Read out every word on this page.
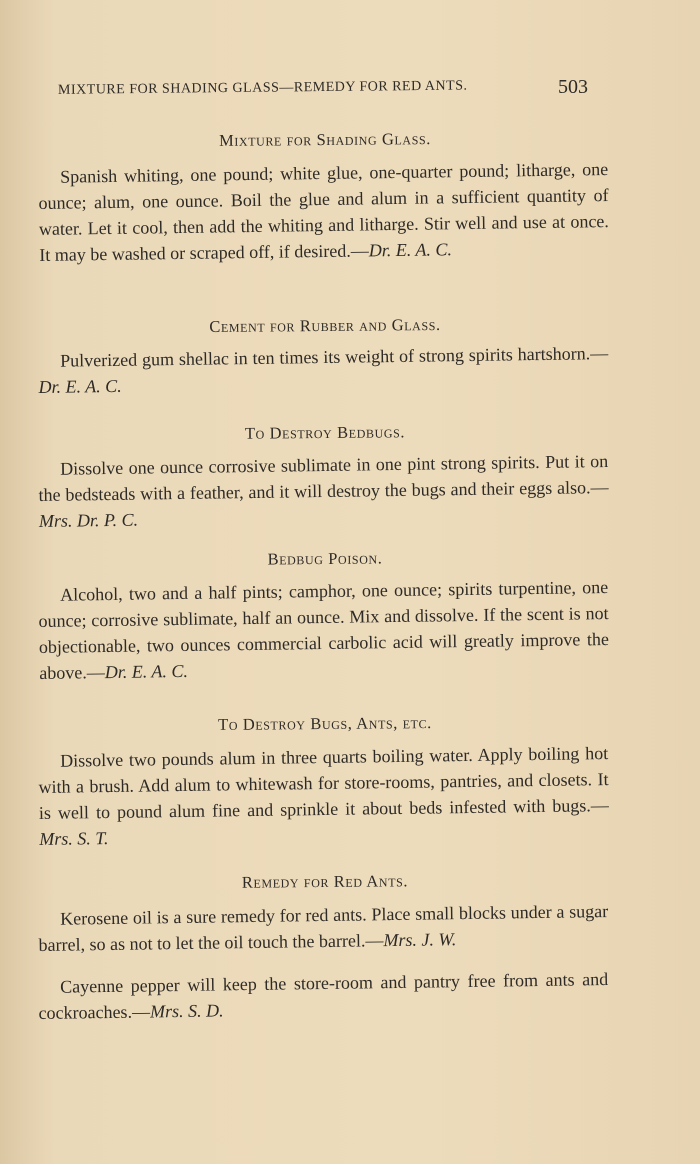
MIXTURE FOR SHADING GLASS—REMEDY FOR RED ANTS.	503
Mixture for Shading Glass.
Spanish whiting, one pound; white glue, one-quarter pound; litharge, one ounce; alum, one ounce. Boil the glue and alum in a sufficient quantity of water. Let it cool, then add the whiting and litharge. Stir well and use at once. It may be washed or scraped off, if desired.—Dr. E. A. C.
Cement for Rubber and Glass.
Pulverized gum shellac in ten times its weight of strong spirits hartshorn.—Dr. E. A. C.
To Destroy Bedbugs.
Dissolve one ounce corrosive sublimate in one pint strong spirits. Put it on the bedsteads with a feather, and it will destroy the bugs and their eggs also.—Mrs. Dr. P. C.
Bedbug Poison.
Alcohol, two and a half pints; camphor, one ounce; spirits turpentine, one ounce; corrosive sublimate, half an ounce. Mix and dissolve. If the scent is not objectionable, two ounces commercial carbolic acid will greatly improve the above.—Dr. E. A. C.
To Destroy Bugs, Ants, etc.
Dissolve two pounds alum in three quarts boiling water. Apply boiling hot with a brush. Add alum to whitewash for store-rooms, pantries, and closets. It is well to pound alum fine and sprinkle it about beds infested with bugs.—Mrs. S. T.
Remedy for Red Ants.
Kerosene oil is a sure remedy for red ants. Place small blocks under a sugar barrel, so as not to let the oil touch the barrel.—Mrs. J. W.
Cayenne pepper will keep the store-room and pantry free from ants and cockroaches.—Mrs. S. D.
